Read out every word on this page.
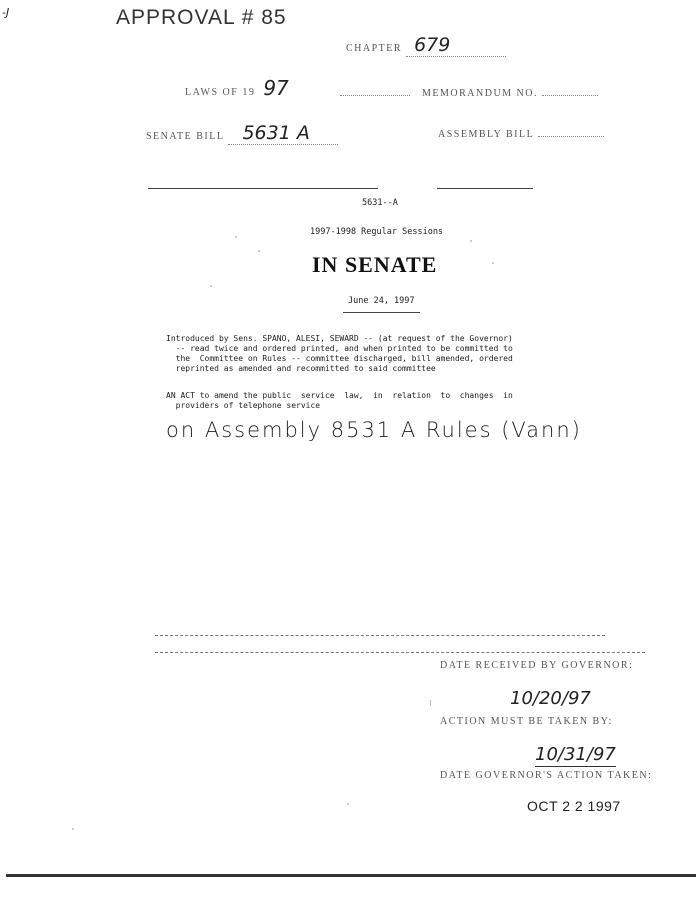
-J	APPROVAL # 85
CHAPTER 679
LAWS OF 19 97	MEMORANDUM NO.
SENATE BILL 5631 A	ASSEMBLY BILL
5631--A
1997-1998 Regular Sessions
IN SENATE
June 24, 1997
Introduced by Sens. SPANO, ALESI, SEWARD -- (at request of the Governor)
-- read twice and ordered printed, and when printed to be committed to
the  Committee on Rules -- committee discharged, bill amended, ordered
reprinted as amended and recommitted to said committee
AN ACT to amend the public  service  law,  in  relation  to  changes  in
providers of telephone service
on Assembly 8531 A Rules (Vann)
DATE RECEIVED BY GOVERNOR:
10/20/97
ACTION MUST BE TAKEN BY:
10/31/97
DATE GOVERNOR'S ACTION TAKEN:
OCT 2 2 1997
